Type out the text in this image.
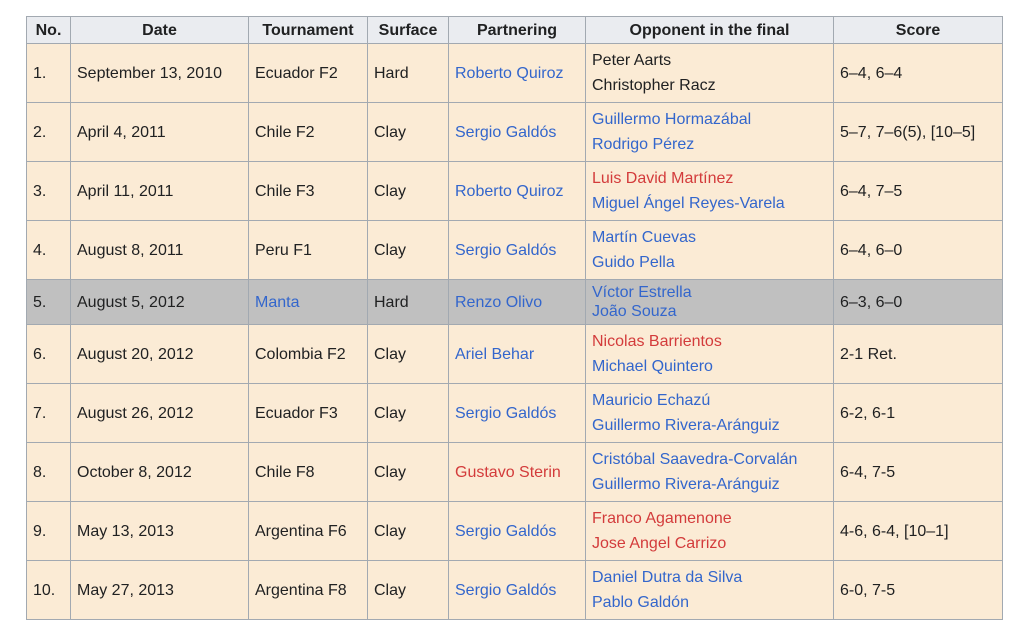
No.	Date	Tournament	Surface	Partnering	Opponent in the final	Score
1.	September 13, 2010	Ecuador F2	Hard	Roberto Quiroz	Peter Aarts
Christopher Racz	6–4, 6–4
2.	April 4, 2011	Chile F2	Clay	Sergio Galdós	Guillermo Hormazábal
Rodrigo Pérez	5–7, 7–6(5), [10–5]
3.	April 11, 2011	Chile F3	Clay	Roberto Quiroz	Luis David Martínez
Miguel Ángel Reyes-Varela	6–4, 7–5
4.	August 8, 2011	Peru F1	Clay	Sergio Galdós	Martín Cuevas
Guido Pella	6–4, 6–0
5.	August 5, 2012	Manta	Hard	Renzo Olivo	Víctor Estrella
João Souza	6–3, 6–0
6.	August 20, 2012	Colombia F2	Clay	Ariel Behar	Nicolas Barrientos
Michael Quintero	2-1 Ret.
7.	August 26, 2012	Ecuador F3	Clay	Sergio Galdós	Mauricio Echazú
Guillermo Rivera-Aránguiz	6-2, 6-1
8.	October 8, 2012	Chile F8	Clay	Gustavo Sterin	Cristóbal Saavedra-Corvalán
Guillermo Rivera-Aránguiz	6-4, 7-5
9.	May 13, 2013	Argentina F6	Clay	Sergio Galdós	Franco Agamenone
Jose Angel Carrizo	4-6, 6-4, [10–1]
10.	May 27, 2013	Argentina F8	Clay	Sergio Galdós	Daniel Dutra da Silva
Pablo Galdón	6-0, 7-5
